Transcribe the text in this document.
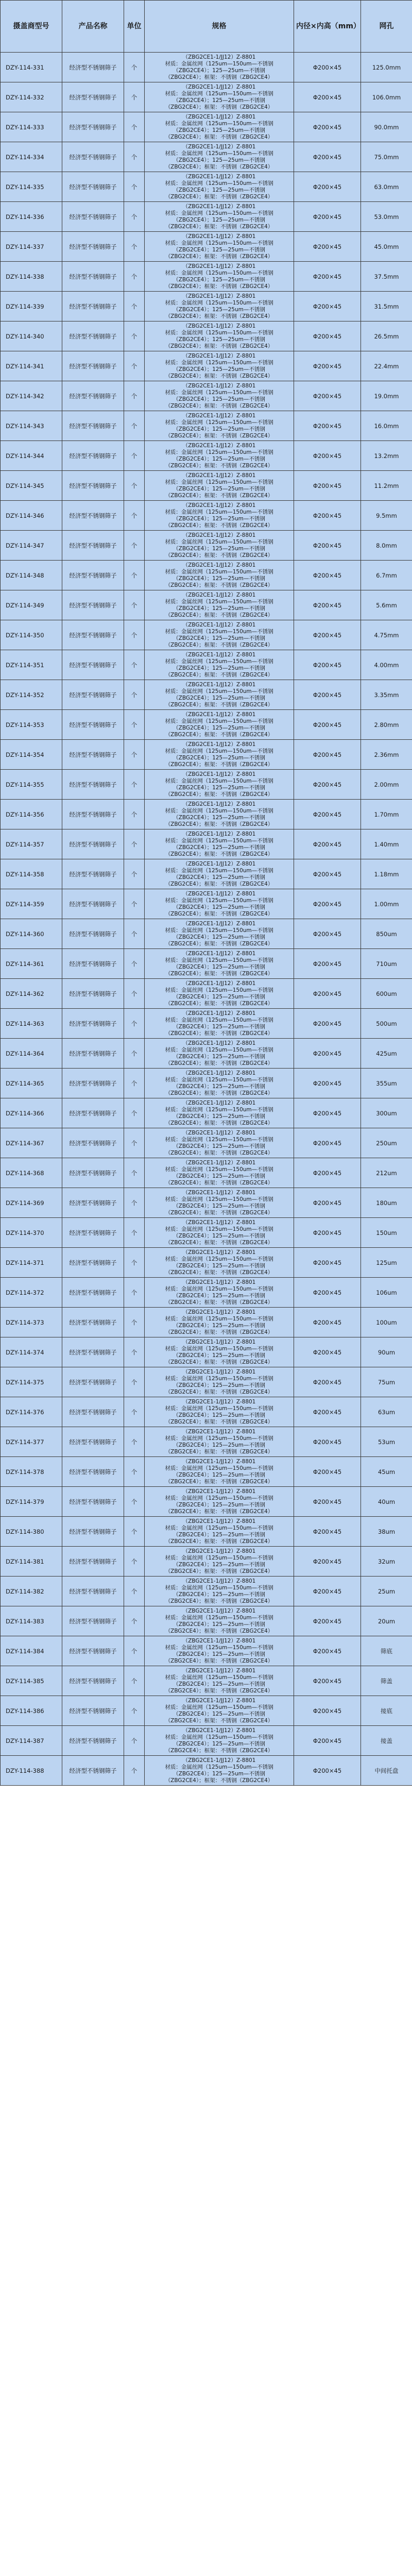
摄盖商型号	产品名称	单位	规格	内径×内高（mm）	网孔
DZY-114-331	经济型不锈钢筛子	个	（ZBG2CE1-1/JJ12）Z-8801
材质：金属丝网（125um—150um—不锈钢
（ZBG2CE4）；125—25um—不锈钢
（ZBG2CE4）；框架：不锈钢（ZBG2CE4）	Φ200×45	125.0mm
DZY-114-332	经济型不锈钢筛子	个	（ZBG2CE1-1/JJ12）Z-8801
材质：金属丝网（125um—150um—不锈钢
（ZBG2CE4）；125—25um—不锈钢
（ZBG2CE4）；框架：不锈钢（ZBG2CE4）	Φ200×45	106.0mm
DZY-114-333	经济型不锈钢筛子	个	（ZBG2CE1-1/JJ12）Z-8801
材质：金属丝网（125um—150um—不锈钢
（ZBG2CE4）；125—25um—不锈钢
（ZBG2CE4）；框架：不锈钢（ZBG2CE4）	Φ200×45	90.0mm
DZY-114-334	经济型不锈钢筛子	个	（ZBG2CE1-1/JJ12）Z-8801
材质：金属丝网（125um—150um—不锈钢
（ZBG2CE4）；125—25um—不锈钢
（ZBG2CE4）；框架：不锈钢（ZBG2CE4）	Φ200×45	75.0mm
DZY-114-335	经济型不锈钢筛子	个	（ZBG2CE1-1/JJ12）Z-8801
材质：金属丝网（125um—150um—不锈钢
（ZBG2CE4）；125—25um—不锈钢
（ZBG2CE4）；框架：不锈钢（ZBG2CE4）	Φ200×45	63.0mm
DZY-114-336	经济型不锈钢筛子	个	（ZBG2CE1-1/JJ12）Z-8801
材质：金属丝网（125um—150um—不锈钢
（ZBG2CE4）；125—25um—不锈钢
（ZBG2CE4）；框架：不锈钢（ZBG2CE4）	Φ200×45	53.0mm
DZY-114-337	经济型不锈钢筛子	个	（ZBG2CE1-1/JJ12）Z-8801
材质：金属丝网（125um—150um—不锈钢
（ZBG2CE4）；125—25um—不锈钢
（ZBG2CE4）；框架：不锈钢（ZBG2CE4）	Φ200×45	45.0mm
DZY-114-338	经济型不锈钢筛子	个	（ZBG2CE1-1/JJ12）Z-8801
材质：金属丝网（125um—150um—不锈钢
（ZBG2CE4）；125—25um—不锈钢
（ZBG2CE4）；框架：不锈钢（ZBG2CE4）	Φ200×45	37.5mm
DZY-114-339	经济型不锈钢筛子	个	（ZBG2CE1-1/JJ12）Z-8801
材质：金属丝网（125um—150um—不锈钢
（ZBG2CE4）；125—25um—不锈钢
（ZBG2CE4）；框架：不锈钢（ZBG2CE4）	Φ200×45	31.5mm
DZY-114-340	经济型不锈钢筛子	个	（ZBG2CE1-1/JJ12）Z-8801
材质：金属丝网（125um—150um—不锈钢
（ZBG2CE4）；125—25um—不锈钢
（ZBG2CE4）；框架：不锈钢（ZBG2CE4）	Φ200×45	26.5mm
DZY-114-341	经济型不锈钢筛子	个	（ZBG2CE1-1/JJ12）Z-8801
材质：金属丝网（125um—150um—不锈钢
（ZBG2CE4）；125—25um—不锈钢
（ZBG2CE4）；框架：不锈钢（ZBG2CE4）	Φ200×45	22.4mm
DZY-114-342	经济型不锈钢筛子	个	（ZBG2CE1-1/JJ12）Z-8801
材质：金属丝网（125um—150um—不锈钢
（ZBG2CE4）；125—25um—不锈钢
（ZBG2CE4）；框架：不锈钢（ZBG2CE4）	Φ200×45	19.0mm
DZY-114-343	经济型不锈钢筛子	个	（ZBG2CE1-1/JJ12）Z-8801
材质：金属丝网（125um—150um—不锈钢
（ZBG2CE4）；125—25um—不锈钢
（ZBG2CE4）；框架：不锈钢（ZBG2CE4）	Φ200×45	16.0mm
DZY-114-344	经济型不锈钢筛子	个	（ZBG2CE1-1/JJ12）Z-8801
材质：金属丝网（125um—150um—不锈钢
（ZBG2CE4）；125—25um—不锈钢
（ZBG2CE4）；框架：不锈钢（ZBG2CE4）	Φ200×45	13.2mm
DZY-114-345	经济型不锈钢筛子	个	（ZBG2CE1-1/JJ12）Z-8801
材质：金属丝网（125um—150um—不锈钢
（ZBG2CE4）；125—25um—不锈钢
（ZBG2CE4）；框架：不锈钢（ZBG2CE4）	Φ200×45	11.2mm
DZY-114-346	经济型不锈钢筛子	个	（ZBG2CE1-1/JJ12）Z-8801
材质：金属丝网（125um—150um—不锈钢
（ZBG2CE4）；125—25um—不锈钢
（ZBG2CE4）；框架：不锈钢（ZBG2CE4）	Φ200×45	9.5mm
DZY-114-347	经济型不锈钢筛子	个	（ZBG2CE1-1/JJ12）Z-8801
材质：金属丝网（125um—150um—不锈钢
（ZBG2CE4）；125—25um—不锈钢
（ZBG2CE4）；框架：不锈钢（ZBG2CE4）	Φ200×45	8.0mm
DZY-114-348	经济型不锈钢筛子	个	（ZBG2CE1-1/JJ12）Z-8801
材质：金属丝网（125um—150um—不锈钢
（ZBG2CE4）；125—25um—不锈钢
（ZBG2CE4）；框架：不锈钢（ZBG2CE4）	Φ200×45	6.7mm
DZY-114-349	经济型不锈钢筛子	个	（ZBG2CE1-1/JJ12）Z-8801
材质：金属丝网（125um—150um—不锈钢
（ZBG2CE4）；125—25um—不锈钢
（ZBG2CE4）；框架：不锈钢（ZBG2CE4）	Φ200×45	5.6mm
DZY-114-350	经济型不锈钢筛子	个	（ZBG2CE1-1/JJ12）Z-8801
材质：金属丝网（125um—150um—不锈钢
（ZBG2CE4）；125—25um—不锈钢
（ZBG2CE4）；框架：不锈钢（ZBG2CE4）	Φ200×45	4.75mm
DZY-114-351	经济型不锈钢筛子	个	（ZBG2CE1-1/JJ12）Z-8801
材质：金属丝网（125um—150um—不锈钢
（ZBG2CE4）；125—25um—不锈钢
（ZBG2CE4）；框架：不锈钢（ZBG2CE4）	Φ200×45	4.00mm
DZY-114-352	经济型不锈钢筛子	个	（ZBG2CE1-1/JJ12）Z-8801
材质：金属丝网（125um—150um—不锈钢
（ZBG2CE4）；125—25um—不锈钢
（ZBG2CE4）；框架：不锈钢（ZBG2CE4）	Φ200×45	3.35mm
DZY-114-353	经济型不锈钢筛子	个	（ZBG2CE1-1/JJ12）Z-8801
材质：金属丝网（125um—150um—不锈钢
（ZBG2CE4）；125—25um—不锈钢
（ZBG2CE4）；框架：不锈钢（ZBG2CE4）	Φ200×45	2.80mm
DZY-114-354	经济型不锈钢筛子	个	（ZBG2CE1-1/JJ12）Z-8801
材质：金属丝网（125um—150um—不锈钢
（ZBG2CE4）；125—25um—不锈钢
（ZBG2CE4）；框架：不锈钢（ZBG2CE4）	Φ200×45	2.36mm
DZY-114-355	经济型不锈钢筛子	个	（ZBG2CE1-1/JJ12）Z-8801
材质：金属丝网（125um—150um—不锈钢
（ZBG2CE4）；125—25um—不锈钢
（ZBG2CE4）；框架：不锈钢（ZBG2CE4）	Φ200×45	2.00mm
DZY-114-356	经济型不锈钢筛子	个	（ZBG2CE1-1/JJ12）Z-8801
材质：金属丝网（125um—150um—不锈钢
（ZBG2CE4）；125—25um—不锈钢
（ZBG2CE4）；框架：不锈钢（ZBG2CE4）	Φ200×45	1.70mm
DZY-114-357	经济型不锈钢筛子	个	（ZBG2CE1-1/JJ12）Z-8801
材质：金属丝网（125um—150um—不锈钢
（ZBG2CE4）；125—25um—不锈钢
（ZBG2CE4）；框架：不锈钢（ZBG2CE4）	Φ200×45	1.40mm
DZY-114-358	经济型不锈钢筛子	个	（ZBG2CE1-1/JJ12）Z-8801
材质：金属丝网（125um—150um—不锈钢
（ZBG2CE4）；125—25um—不锈钢
（ZBG2CE4）；框架：不锈钢（ZBG2CE4）	Φ200×45	1.18mm
DZY-114-359	经济型不锈钢筛子	个	（ZBG2CE1-1/JJ12）Z-8801
材质：金属丝网（125um—150um—不锈钢
（ZBG2CE4）；125—25um—不锈钢
（ZBG2CE4）；框架：不锈钢（ZBG2CE4）	Φ200×45	1.00mm
DZY-114-360	经济型不锈钢筛子	个	（ZBG2CE1-1/JJ12）Z-8801
材质：金属丝网（125um—150um—不锈钢
（ZBG2CE4）；125—25um—不锈钢
（ZBG2CE4）；框架：不锈钢（ZBG2CE4）	Φ200×45	850um
DZY-114-361	经济型不锈钢筛子	个	（ZBG2CE1-1/JJ12）Z-8801
材质：金属丝网（125um—150um—不锈钢
（ZBG2CE4）；125—25um—不锈钢
（ZBG2CE4）；框架：不锈钢（ZBG2CE4）	Φ200×45	710um
DZY-114-362	经济型不锈钢筛子	个	（ZBG2CE1-1/JJ12）Z-8801
材质：金属丝网（125um—150um—不锈钢
（ZBG2CE4）；125—25um—不锈钢
（ZBG2CE4）；框架：不锈钢（ZBG2CE4）	Φ200×45	600um
DZY-114-363	经济型不锈钢筛子	个	（ZBG2CE1-1/JJ12）Z-8801
材质：金属丝网（125um—150um—不锈钢
（ZBG2CE4）；125—25um—不锈钢
（ZBG2CE4）；框架：不锈钢（ZBG2CE4）	Φ200×45	500um
DZY-114-364	经济型不锈钢筛子	个	（ZBG2CE1-1/JJ12）Z-8801
材质：金属丝网（125um—150um—不锈钢
（ZBG2CE4）；125—25um—不锈钢
（ZBG2CE4）；框架：不锈钢（ZBG2CE4）	Φ200×45	425um
DZY-114-365	经济型不锈钢筛子	个	（ZBG2CE1-1/JJ12）Z-8801
材质：金属丝网（125um—150um—不锈钢
（ZBG2CE4）；125—25um—不锈钢
（ZBG2CE4）；框架：不锈钢（ZBG2CE4）	Φ200×45	355um
DZY-114-366	经济型不锈钢筛子	个	（ZBG2CE1-1/JJ12）Z-8801
材质：金属丝网（125um—150um—不锈钢
（ZBG2CE4）；125—25um—不锈钢
（ZBG2CE4）；框架：不锈钢（ZBG2CE4）	Φ200×45	300um
DZY-114-367	经济型不锈钢筛子	个	（ZBG2CE1-1/JJ12）Z-8801
材质：金属丝网（125um—150um—不锈钢
（ZBG2CE4）；125—25um—不锈钢
（ZBG2CE4）；框架：不锈钢（ZBG2CE4）	Φ200×45	250um
DZY-114-368	经济型不锈钢筛子	个	（ZBG2CE1-1/JJ12）Z-8801
材质：金属丝网（125um—150um—不锈钢
（ZBG2CE4）；125—25um—不锈钢
（ZBG2CE4）；框架：不锈钢（ZBG2CE4）	Φ200×45	212um
DZY-114-369	经济型不锈钢筛子	个	（ZBG2CE1-1/JJ12）Z-8801
材质：金属丝网（125um—150um—不锈钢
（ZBG2CE4）；125—25um—不锈钢
（ZBG2CE4）；框架：不锈钢（ZBG2CE4）	Φ200×45	180um
DZY-114-370	经济型不锈钢筛子	个	（ZBG2CE1-1/JJ12）Z-8801
材质：金属丝网（125um—150um—不锈钢
（ZBG2CE4）；125—25um—不锈钢
（ZBG2CE4）；框架：不锈钢（ZBG2CE4）	Φ200×45	150um
DZY-114-371	经济型不锈钢筛子	个	（ZBG2CE1-1/JJ12）Z-8801
材质：金属丝网（125um—150um—不锈钢
（ZBG2CE4）；125—25um—不锈钢
（ZBG2CE4）；框架：不锈钢（ZBG2CE4）	Φ200×45	125um
DZY-114-372	经济型不锈钢筛子	个	（ZBG2CE1-1/JJ12）Z-8801
材质：金属丝网（125um—150um—不锈钢
（ZBG2CE4）；125—25um—不锈钢
（ZBG2CE4）；框架：不锈钢（ZBG2CE4）	Φ200×45	106um
DZY-114-373	经济型不锈钢筛子	个	（ZBG2CE1-1/JJ12）Z-8801
材质：金属丝网（125um—150um—不锈钢
（ZBG2CE4）；125—25um—不锈钢
（ZBG2CE4）；框架：不锈钢（ZBG2CE4）	Φ200×45	100um
DZY-114-374	经济型不锈钢筛子	个	（ZBG2CE1-1/JJ12）Z-8801
材质：金属丝网（125um—150um—不锈钢
（ZBG2CE4）；125—25um—不锈钢
（ZBG2CE4）；框架：不锈钢（ZBG2CE4）	Φ200×45	90um
DZY-114-375	经济型不锈钢筛子	个	（ZBG2CE1-1/JJ12）Z-8801
材质：金属丝网（125um—150um—不锈钢
（ZBG2CE4）；125—25um—不锈钢
（ZBG2CE4）；框架：不锈钢（ZBG2CE4）	Φ200×45	75um
DZY-114-376	经济型不锈钢筛子	个	（ZBG2CE1-1/JJ12）Z-8801
材质：金属丝网（125um—150um—不锈钢
（ZBG2CE4）；125—25um—不锈钢
（ZBG2CE4）；框架：不锈钢（ZBG2CE4）	Φ200×45	63um
DZY-114-377	经济型不锈钢筛子	个	（ZBG2CE1-1/JJ12）Z-8801
材质：金属丝网（125um—150um—不锈钢
（ZBG2CE4）；125—25um—不锈钢
（ZBG2CE4）；框架：不锈钢（ZBG2CE4）	Φ200×45	53um
DZY-114-378	经济型不锈钢筛子	个	（ZBG2CE1-1/JJ12）Z-8801
材质：金属丝网（125um—150um—不锈钢
（ZBG2CE4）；125—25um—不锈钢
（ZBG2CE4）；框架：不锈钢（ZBG2CE4）	Φ200×45	45um
DZY-114-379	经济型不锈钢筛子	个	（ZBG2CE1-1/JJ12）Z-8801
材质：金属丝网（125um—150um—不锈钢
（ZBG2CE4）；125—25um—不锈钢
（ZBG2CE4）；框架：不锈钢（ZBG2CE4）	Φ200×45	40um
DZY-114-380	经济型不锈钢筛子	个	（ZBG2CE1-1/JJ12）Z-8801
材质：金属丝网（125um—150um—不锈钢
（ZBG2CE4）；125—25um—不锈钢
（ZBG2CE4）；框架：不锈钢（ZBG2CE4）	Φ200×45	38um
DZY-114-381	经济型不锈钢筛子	个	（ZBG2CE1-1/JJ12）Z-8801
材质：金属丝网（125um—150um—不锈钢
（ZBG2CE4）；125—25um—不锈钢
（ZBG2CE4）；框架：不锈钢（ZBG2CE4）	Φ200×45	32um
DZY-114-382	经济型不锈钢筛子	个	（ZBG2CE1-1/JJ12）Z-8801
材质：金属丝网（125um—150um—不锈钢
（ZBG2CE4）；125—25um—不锈钢
（ZBG2CE4）；框架：不锈钢（ZBG2CE4）	Φ200×45	25um
DZY-114-383	经济型不锈钢筛子	个	（ZBG2CE1-1/JJ12）Z-8801
材质：金属丝网（125um—150um—不锈钢
（ZBG2CE4）；125—25um—不锈钢
（ZBG2CE4）；框架：不锈钢（ZBG2CE4）	Φ200×45	20um
DZY-114-384	经济型不锈钢筛子	个	（ZBG2CE1-1/JJ12）Z-8801
材质：金属丝网（125um—150um—不锈钢
（ZBG2CE4）；125—25um—不锈钢
（ZBG2CE4）；框架：不锈钢（ZBG2CE4）	Φ200×45	筛底
DZY-114-385	经济型不锈钢筛子	个	（ZBG2CE1-1/JJ12）Z-8801
材质：金属丝网（125um—150um—不锈钢
（ZBG2CE4）；125—25um—不锈钢
（ZBG2CE4）；框架：不锈钢（ZBG2CE4）	Φ200×45	筛盖
DZY-114-386	经济型不锈钢筛子	个	（ZBG2CE1-1/JJ12）Z-8801
材质：金属丝网（125um—150um—不锈钢
（ZBG2CE4）；125—25um—不锈钢
（ZBG2CE4）；框架：不锈钢（ZBG2CE4）	Φ200×45	接底
DZY-114-387	经济型不锈钢筛子	个	（ZBG2CE1-1/JJ12）Z-8801
材质：金属丝网（125um—150um—不锈钢
（ZBG2CE4）；125—25um—不锈钢
（ZBG2CE4）；框架：不锈钢（ZBG2CE4）	Φ200×45	接盖
DZY-114-388	经济型不锈钢筛子	个	（ZBG2CE1-1/JJ12）Z-8801
材质：金属丝网（125um—150um—不锈钢
（ZBG2CE4）；125—25um—不锈钢
（ZBG2CE4）；框架：不锈钢（ZBG2CE4）	Φ200×45	中间托盘
